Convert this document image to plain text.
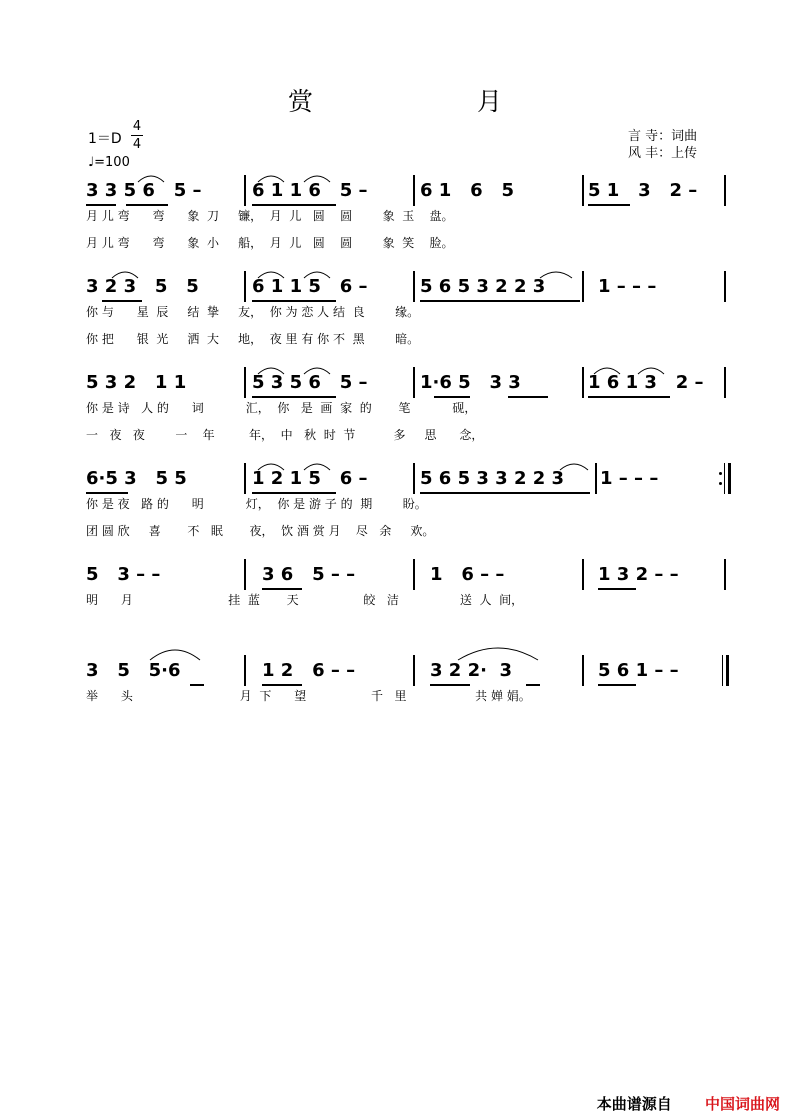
赏 月
1＝D
4
4
♩=100
言 寺：词曲
风 丰：上传
3 3 5 6   5 –	6 1 1 6   5 –	6 1   6   5	5 1   3   2 –
月 儿 弯      弯      象  刀     镰，  月  儿   圆    圆        象  玉    盘。
月 儿 弯      弯      象  小     船，  月  儿   圆    圆        象  笑    脸。
3 2 3   5   5	6 1 1 5   6 –	5 6 5 3 2 2 3	1 – – –
你 与      星  辰     结  挚     友，  你 为 恋 人 结  良        缘。
你 把      银  光     洒  大     地，  夜 里 有 你 不  黑        暗。
5 3 2   1 1	5 3 5 6   5 –	1·6 5   3 3	1 6 1 3   2 –
你 是 诗   人 的      词           汇，  你   是  画  家  的       笔           砚，
一   夜   夜        一    年         年，  中   秋  时  节          多     思      念，
6·5 3   5 5	1 2 1 5   6 –	5 6 5 3 3 2 2 3 1 – – –
你 是 夜   路 的      明           灯，  你 是 游 子 的  期        盼。
团 圆 欣     喜       不   眠       夜，  饮 酒 赏 月    尽   余     欢。
5   3 – –	3 6   5 – –	1   6 – –	1 3 2 – –
明      月                         挂  蓝       天                 皎   洁                送  人  间，
3   5   5·6	1 2   6 – –	3 2 2·  3	5 6 1 – –
举      头                            月  下      望                 千   里                  共 婵 娟。
本曲谱源自 中国词曲网
